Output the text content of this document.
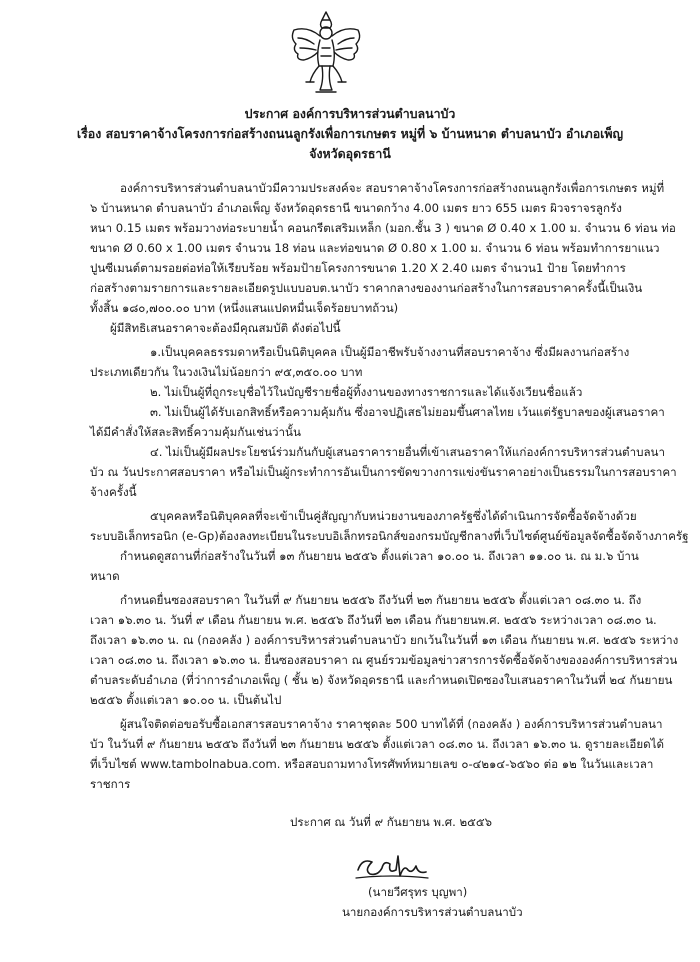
ประกาศ องค์การบริหารส่วนตำบลนาบัว
เรื่อง สอบราคาจ้างโครงการก่อสร้างถนนลูกรังเพื่อการเกษตร หมู่ที่ ๖ บ้านหนาด ตำบลนาบัว อำเภอเพ็ญ
จังหวัดอุดรธานี
องค์การบริหารส่วนตำบลนาบัวมีความประสงค์จะ สอบราคาจ้างโครงการก่อสร้างถนนลูกรังเพื่อการเกษตร หมู่ที่
๖ บ้านหนาด ตำบลนาบัว อำเภอเพ็ญ จังหวัดอุดรธานี ขนาดกว้าง 4.00 เมตร ยาว 655 เมตร ผิวจราจรลูกรัง
หนา 0.15 เมตร พร้อมวางท่อระบายน้ำ คอนกรีตเสริมเหล็ก (มอก.ชั้น 3 ) ขนาด Ø 0.40 x 1.00 ม. จำนวน 6 ท่อน ท่อ
ขนาด Ø 0.60 x 1.00 เมตร จำนวน 18 ท่อน และท่อขนาด Ø 0.80 x 1.00 ม. จำนวน 6 ท่อน พร้อมทำการยาแนว
ปูนซีเมนต์ตามรอยต่อท่อให้เรียบร้อย พร้อมป้ายโครงการขนาด 1.20 X 2.40 เมตร จำนวน1 ป้าย โดยทำการ
ก่อสร้างตามรายการและรายละเอียดรูปแบบอบต.นาบัว ราคากลางของงานก่อสร้างในการสอบราคาครั้งนี้เป็นเงิน
ทั้งสิ้น ๑๘๐,๗๐๐.๐๐ บาท (หนึ่งแสนแปดหมื่นเจ็ดร้อยบาทถ้วน)
ผู้มีสิทธิเสนอราคาจะต้องมีคุณสมบัติ ดังต่อไปนี้
๑.เป็นบุคคลธรรมดาหรือเป็นนิติบุคคล เป็นผู้มีอาชีพรับจ้างงานที่สอบราคาจ้าง ซึ่งมีผลงานก่อสร้าง
ประเภทเดียวกัน ในวงเงินไม่น้อยกว่า ๙๕,๓๕๐.๐๐ บาท
๒. ไม่เป็นผู้ที่ถูกระบุชื่อไว้ในบัญชีรายชื่อผู้ทิ้งงานของทางราชการและได้แจ้งเวียนชื่อแล้ว
๓. ไม่เป็นผู้ได้รับเอกสิทธิ์หรือความคุ้มกัน ซึ่งอาจปฏิเสธไม่ยอมขึ้นศาลไทย เว้นแต่รัฐบาลของผู้เสนอราคา
ได้มีคำสั่งให้สละสิทธิ์ความคุ้มกันเช่นว่านั้น
๔. ไม่เป็นผู้มีผลประโยชน์ร่วมกันกับผู้เสนอราคารายอื่นที่เข้าเสนอราคาให้แก่องค์การบริหารส่วนตำบลนา
บัว ณ วันประกาศสอบราคา หรือไม่เป็นผู้กระทำการอันเป็นการขัดขวางการแข่งขันราคาอย่างเป็นธรรมในการสอบราคา
จ้างครั้งนี้
๕บุคคลหรือนิติบุคคลที่จะเข้าเป็นคู่สัญญากับหน่วยงานของภาครัฐซึ่งได้ดำเนินการจัดซื้อจัดจ้างด้วย
ระบบอิเล็กทรอนิก (e-Gp)ต้องลงทะเบียนในระบบอิเล็กทรอนิกส์ของกรมบัญชีกลางที่เว็บไซต์ศูนย์ข้อมูลจัดซื้อจัดจ้างภาครัฐ
กำหนดดูสถานที่ก่อสร้างในวันที่ ๑๓ กันยายน ๒๕๕๖ ตั้งแต่เวลา ๑๐.๐๐ น. ถึงเวลา ๑๑.๐๐ น. ณ ม.๖ บ้าน
หนาด
กำหนดยื่นซองสอบราคา ในวันที่ ๙ กันยายน ๒๕๕๖ ถึงวันที่ ๒๓ กันยายน ๒๕๕๖ ตั้งแต่เวลา ๐๘.๓๐ น. ถึง
เวลา ๑๖.๓๐ น. วันที่ ๙ เดือน กันยายน พ.ศ. ๒๕๕๖ ถึงวันที่ ๒๓ เดือน กันยายนพ.ศ. ๒๕๕๖ ระหว่างเวลา ๐๘.๓๐ น.
ถึงเวลา ๑๖.๓๐ น. ณ (กองคลัง ) องค์การบริหารส่วนตำบลนาบัว ยกเว้นในวันที่ ๑๓ เดือน กันยายน พ.ศ. ๒๕๕๖ ระหว่าง
เวลา ๐๘.๓๐ น. ถึงเวลา ๑๖.๓๐ น. ยื่นซองสอบราคา ณ ศูนย์รวมข้อมูลข่าวสารการจัดซื้อจัดจ้างขององค์การบริหารส่วน
ตำบลระดับอำเภอ (ที่ว่าการอำเภอเพ็ญ ( ชั้น ๒) จังหวัดอุดรธานี และกำหนดเปิดซองใบเสนอราคาในวันที่ ๒๔ กันยายน
๒๕๕๖ ตั้งแต่เวลา ๑๐.๐๐ น. เป็นต้นไป
ผู้สนใจติดต่อขอรับซื้อเอกสารสอบราคาจ้าง ราคาชุดละ 500 บาทได้ที่ (กองคลัง ) องค์การบริหารส่วนตำบลนา
บัว ในวันที่ ๙ กันยายน ๒๕๕๖ ถึงวันที่ ๒๓ กันยายน ๒๕๕๖ ตั้งแต่เวลา ๐๘.๓๐ น. ถึงเวลา ๑๖.๓๐ น. ดูรายละเอียดได้
ที่เว็บไซต์ www.tambolnabua.com. หรือสอบถามทางโทรศัพท์หมายเลข ๐-๔๒๑๔-๖๕๖๐ ต่อ ๑๒ ในวันและเวลา
ราชการ
ประกาศ ณ วันที่ ๙ กันยายน พ.ศ. ๒๕๕๖
(นายวีศรุทร บุญพา)
นายกองค์การบริหารส่วนตำบลนาบัว
